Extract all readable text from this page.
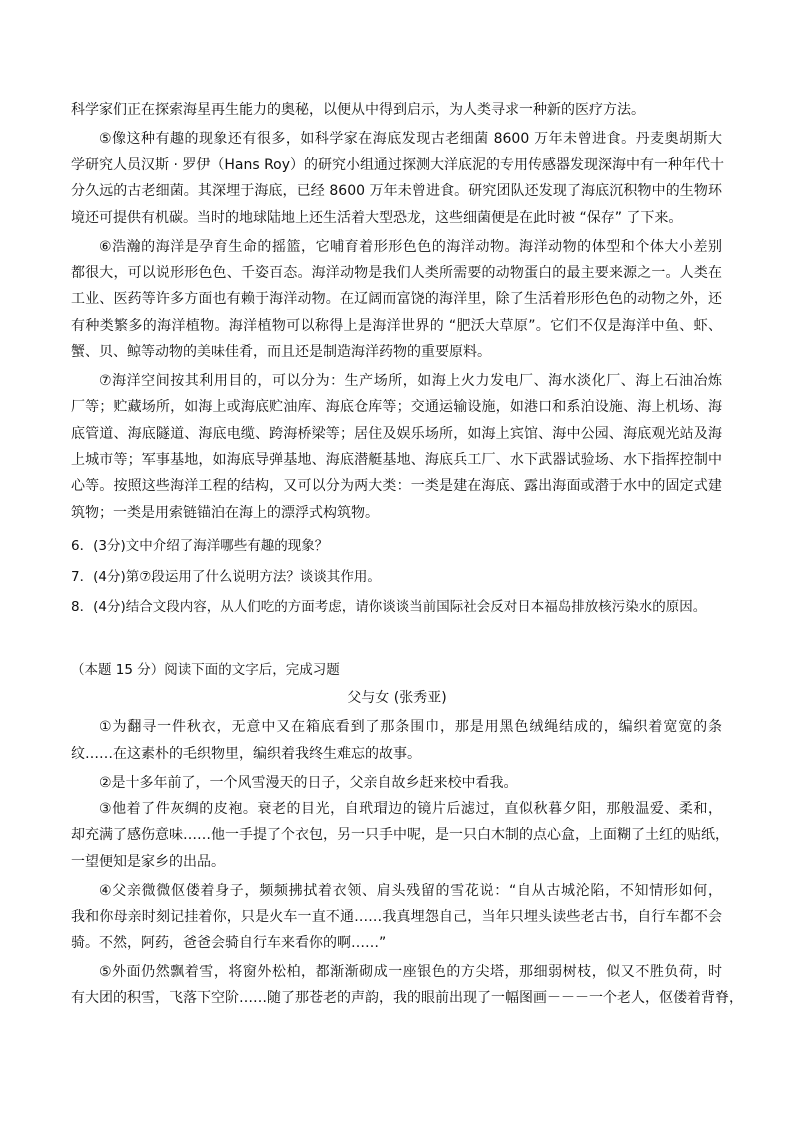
科学家们正在探索海星再生能力的奥秘，以便从中得到启示，为人类寻求一种新的医疗方法。
⑤像这种有趣的现象还有很多，如科学家在海底发现古老细菌 8600 万年未曾进食。丹麦奥胡斯大
学研究人员汉斯 · 罗伊（Hans Roy）的研究小组通过探测大洋底泥的专用传感器发现深海中有一种年代十
分久远的古老细菌。其深埋于海底，已经 8600 万年未曾进食。研究团队还发现了海底沉积物中的生物环
境还可提供有机碳。当时的地球陆地上还生活着大型恐龙，这些细菌便是在此时被 “保存” 了下来。
⑥浩瀚的海洋是孕育生命的摇篮，它哺育着形形色色的海洋动物。海洋动物的体型和个体大小差别
都很大，可以说形形色色、千姿百态。海洋动物是我们人类所需要的动物蛋白的最主要来源之一。人类在
工业、医药等许多方面也有赖于海洋动物。在辽阔而富饶的海洋里，除了生活着形形色色的动物之外，还
有种类繁多的海洋植物。海洋植物可以称得上是海洋世界的 “肥沃大草原”。它们不仅是海洋中鱼、虾、
蟹、贝、鲸等动物的美味佳肴，而且还是制造海洋药物的重要原料。
⑦海洋空间按其利用目的，可以分为：生产场所，如海上火力发电厂、海水淡化厂、海上石油冶炼
厂等；贮藏场所，如海上或海底贮油库、海底仓库等；交通运输设施，如港口和系泊设施、海上机场、海
底管道、海底隧道、海底电缆、跨海桥梁等；居住及娱乐场所，如海上宾馆、海中公园、海底观光站及海
上城市等；军事基地，如海底导弹基地、海底潜艇基地、海底兵工厂、水下武器试验场、水下指挥控制中
心等。按照这些海洋工程的结构，又可以分为两大类：一类是建在海底、露出海面或潜于水中的固定式建
筑物；一类是用索链锚泊在海上的漂浮式构筑物。
6．(3分)文中介绍了海洋哪些有趣的现象？
7．(4分)第⑦段运用了什么说明方法？谈谈其作用。
8．(4分)结合文段内容，从人们吃的方面考虑，请你谈谈当前国际社会反对日本福岛排放核污染水的原因。
（本题 15 分）阅读下面的文字后，完成习题
父与女 (张秀亚)
①为翻寻一件秋衣，无意中又在箱底看到了那条围巾，那是用黑色绒绳结成的，编织着宽宽的条
纹……在这素朴的毛织物里，编织着我终生难忘的故事。
②是十多年前了，一个风雪漫天的日子，父亲自故乡赶来校中看我。
③他着了件灰绸的皮袍。衰老的目光，自玳瑁边的镜片后滤过，直似秋暮夕阳，那般温爱、柔和，
却充满了感伤意味……他一手提了个衣包，另一只手中呢，是一只白木制的点心盒，上面糊了土红的贴纸，
一望便知是家乡的出品。
④父亲微微伛偻着身子，频频拂拭着衣领、肩头残留的雪花说：“自从古城沦陷，不知情形如何，
我和你母亲时刻记挂着你，只是火车一直不通……我真埋怨自己，当年只埋头读些老古书，自行车都不会
骑。不然，阿药，爸爸会骑自行车来看你的啊……”
⑤外面仍然飘着雪，将窗外松柏，都渐渐砌成一座银色的方尖塔，那细弱树枝，似又不胜负荷，时
有大团的积雪，飞落下空阶……随了那苍老的声韵，我的眼前出现了一幅图画－－－一个老人，伛偻着背脊，
